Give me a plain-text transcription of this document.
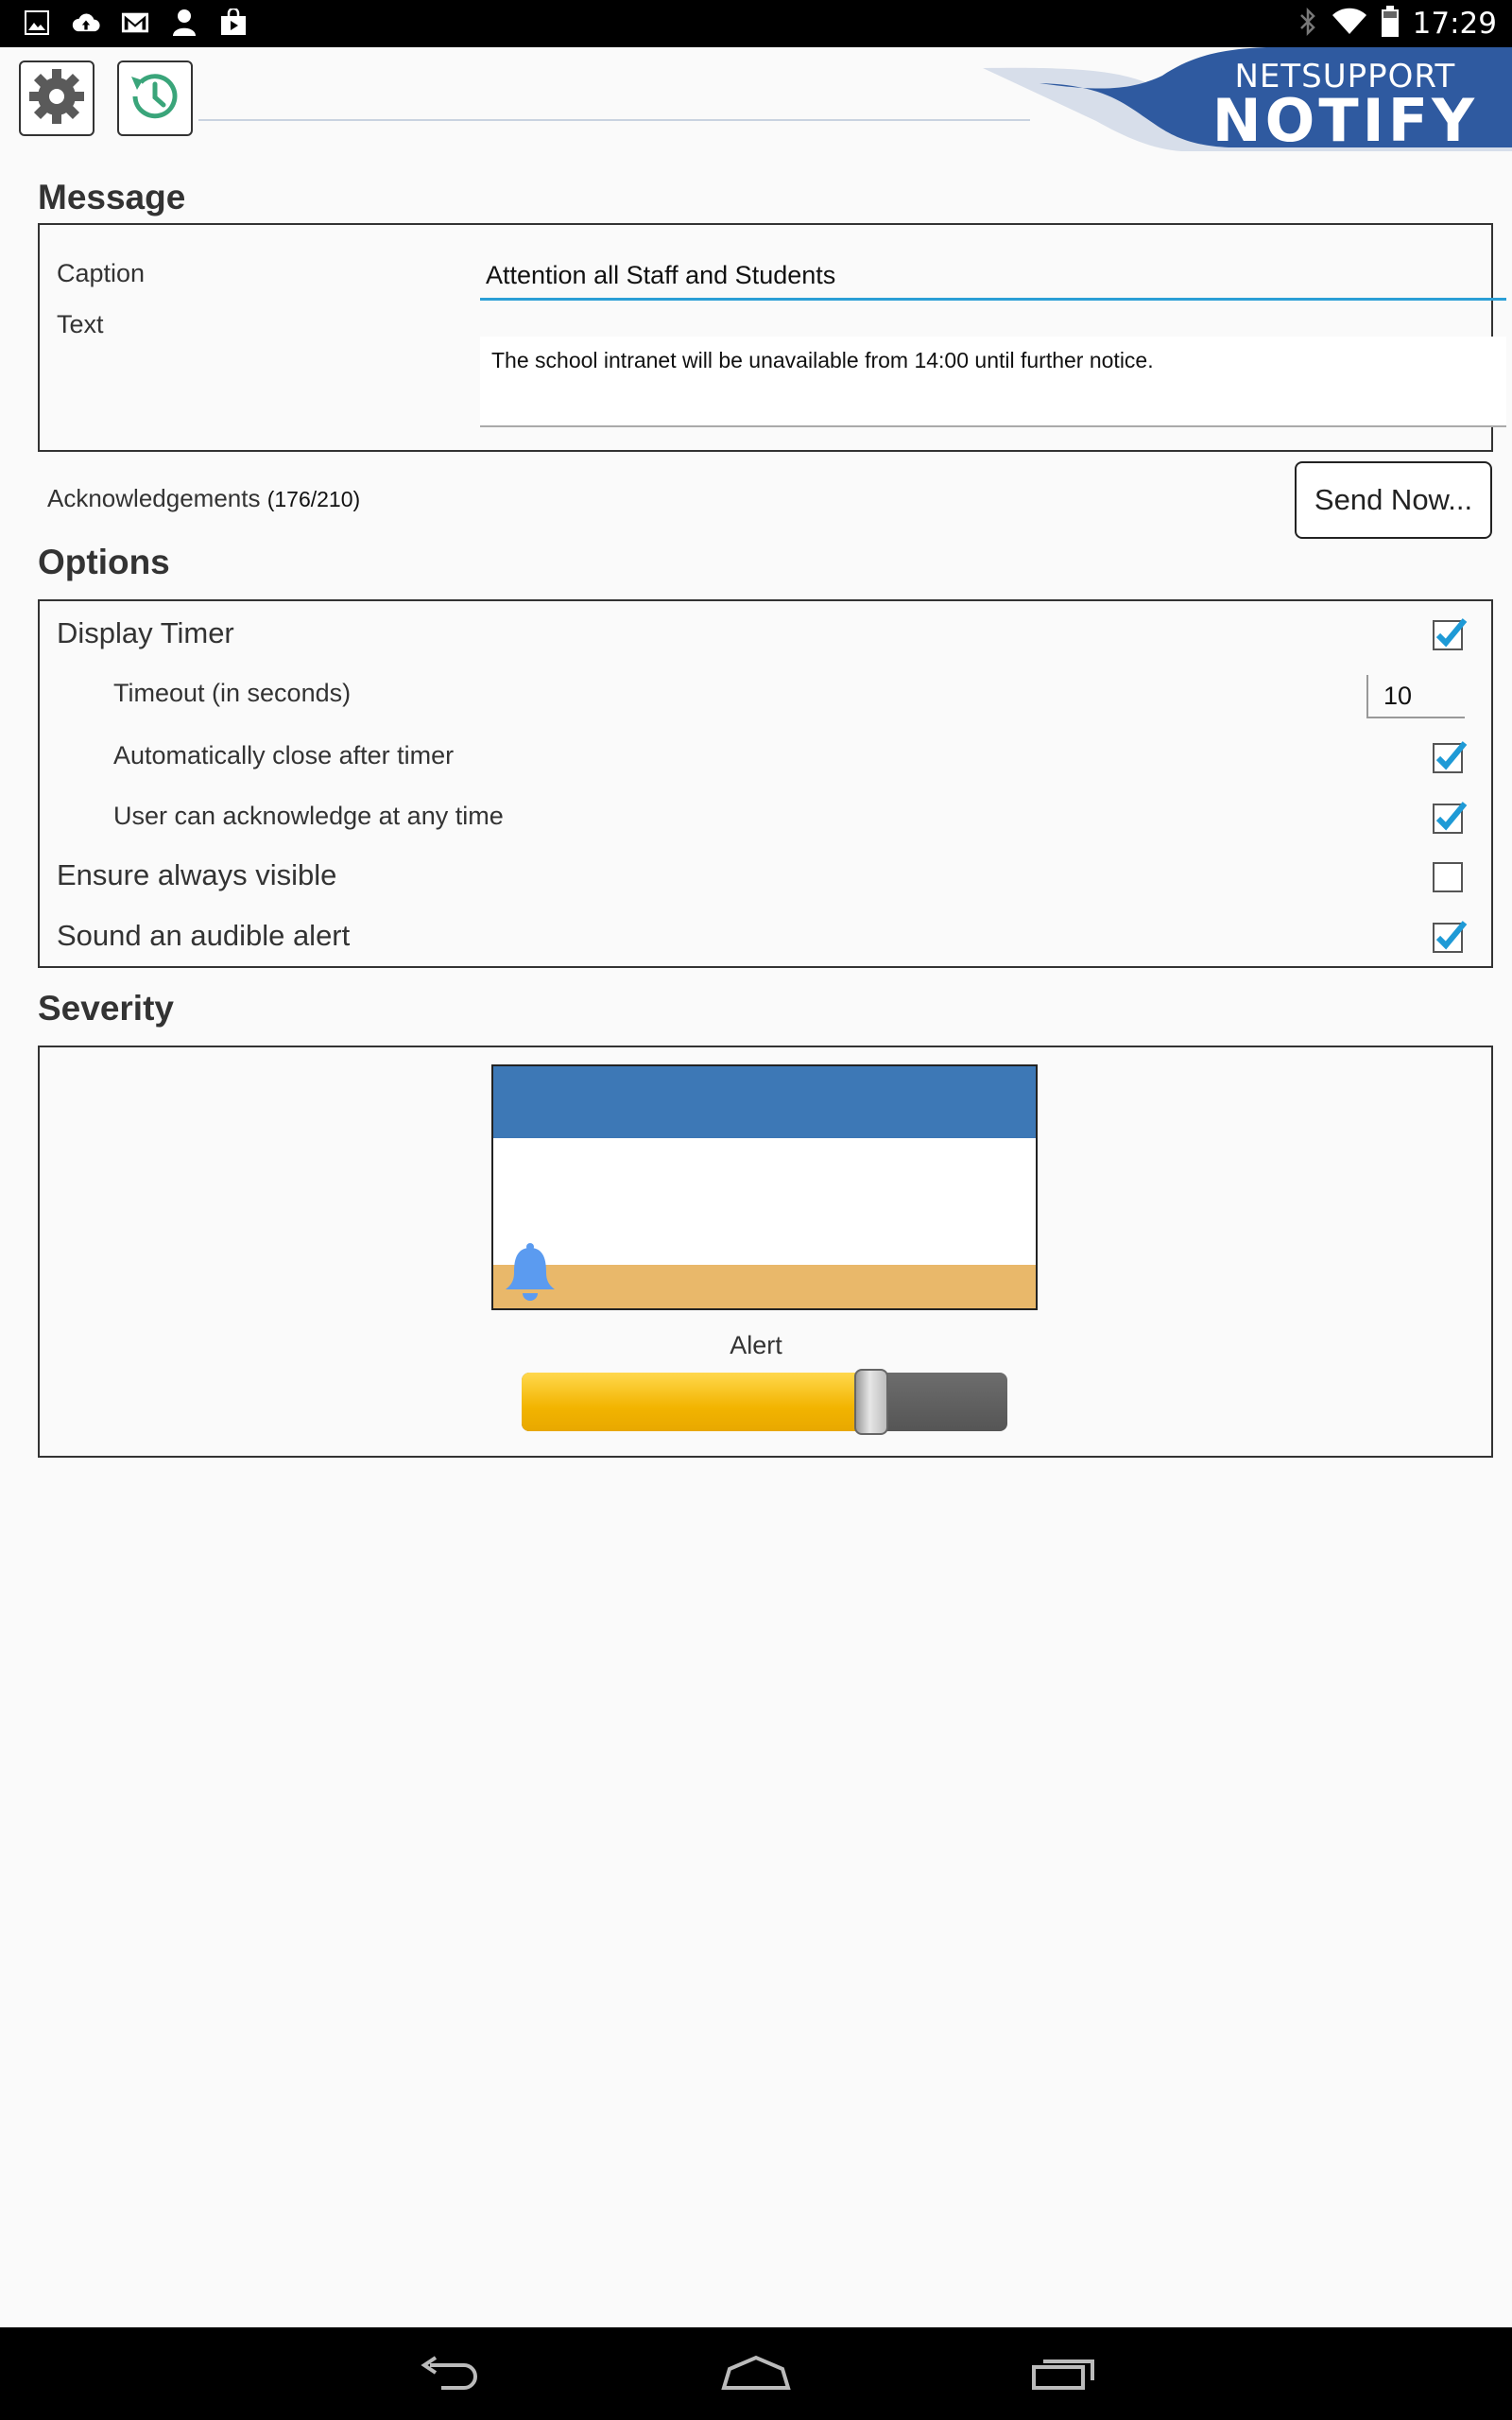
17:29
NETSUPPORT
NOTIFY
Message
Caption
Text
Attention all Staff and Students
The school intranet will be unavailable from 14:00 until further notice.
Acknowledgements (176/210)	Send Now...
Options
Display Timer
Timeout (in seconds)
10
Automatically close after timer
User can acknowledge at any time
Ensure always visible
Sound an audible alert
Severity
Alert
